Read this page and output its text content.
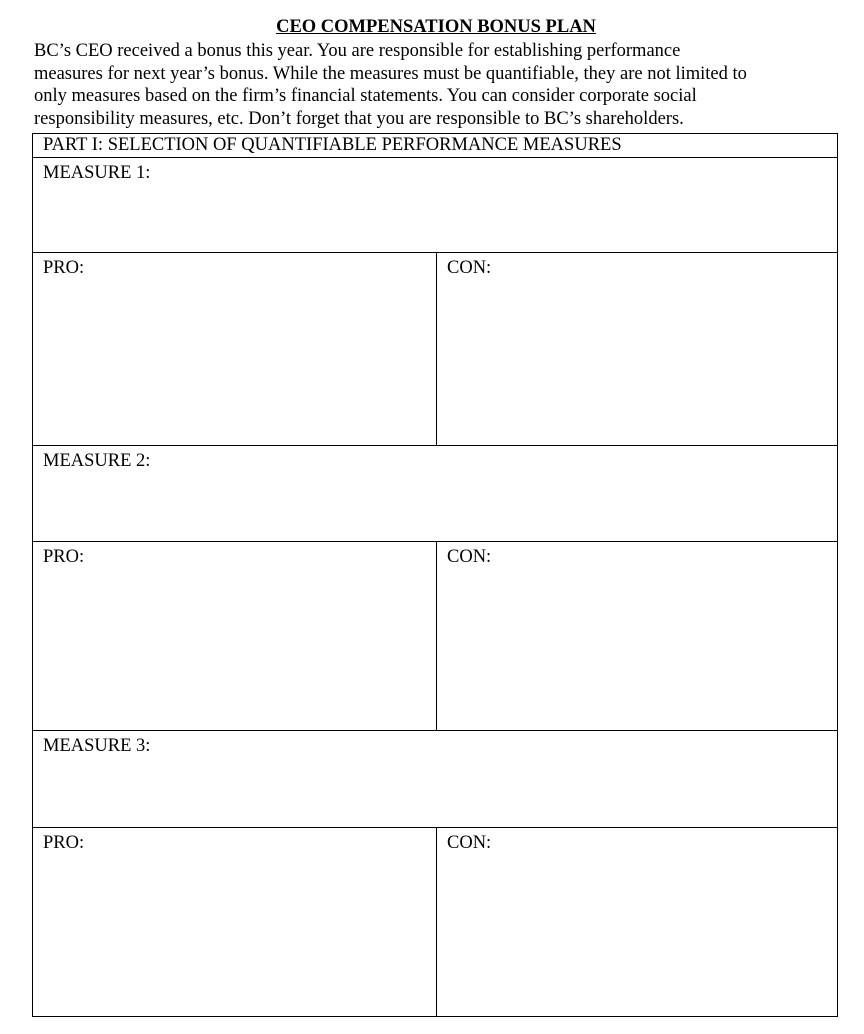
CEO COMPENSATION BONUS PLAN

BC’s CEO received a bonus this year. You are responsible for establishing performance
measures for next year’s bonus. While the measures must be quantifiable, they are not limited to
only measures based on the firm’s financial statements. You can consider corporate social
responsibility measures, etc. Don’t forget that you are responsible to BC’s shareholders.

PART I: SELECTION OF QUANTIFIABLE PERFORMANCE MEASURES
MEASURE 1:
PRO:	CON:
MEASURE 2:
PRO:	CON:
MEASURE 3:
PRO:	CON:
